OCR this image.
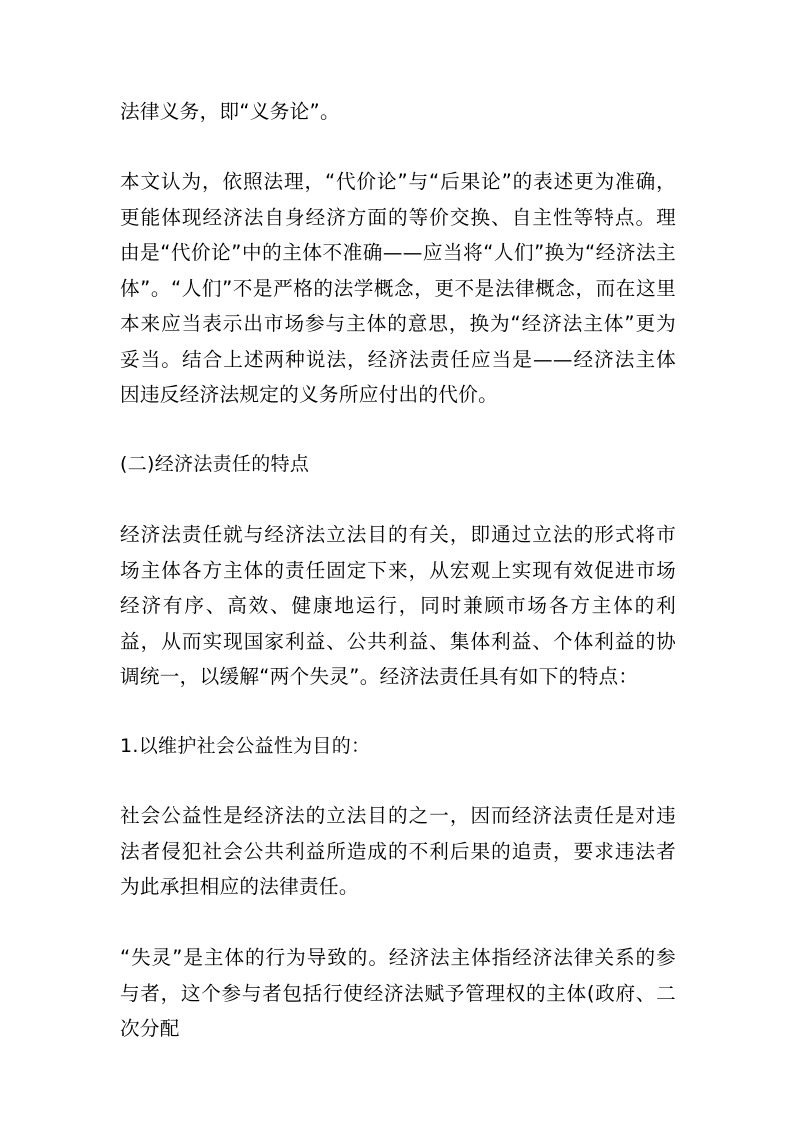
法律义务，即“义务论”。

本文认为，依照法理，“代价论”与“后果论”的表述更为准确，更能体现经济法自身经济方面的等价交换、自主性等特点。理由是“代价论”中的主体不准确——应当将“人们”换为“经济法主体”。“人们”不是严格的法学概念，更不是法律概念，而在这里本来应当表示出市场参与主体的意思，换为“经济法主体”更为妥当。结合上述两种说法，经济法责任应当是——经济法主体因违反经济法规定的义务所应付出的代价。

(二)经济法责任的特点

经济法责任就与经济法立法目的有关，即通过立法的形式将市场主体各方主体的责任固定下来，从宏观上实现有效促进市场经济有序、高效、健康地运行，同时兼顾市场各方主体的利益，从而实现国家利益、公共利益、集体利益、个体利益的协调统一，以缓解“两个失灵”。经济法责任具有如下的特点：

1.以维护社会公益性为目的：

社会公益性是经济法的立法目的之一，因而经济法责任是对违法者侵犯社会公共利益所造成的不利后果的追责，要求违法者为此承担相应的法律责任。

“失灵”是主体的行为导致的。经济法主体指经济法律关系的参与者，这个参与者包括行使经济法赋予管理权的主体(政府、二次分配
